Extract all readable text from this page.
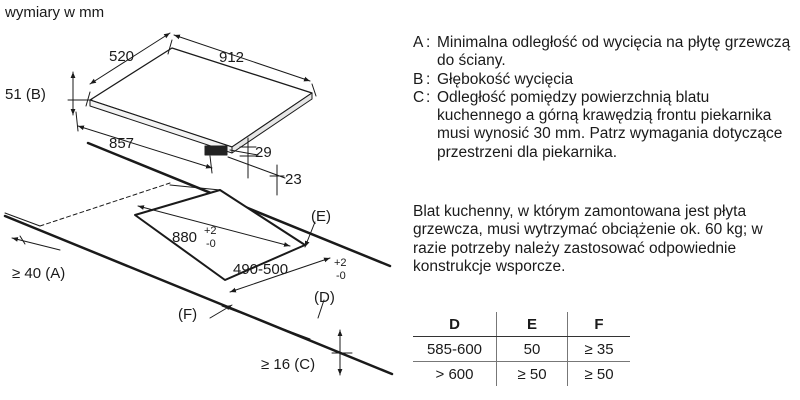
wymiary w mm
520	912
51 (B)
857
29
23
880 +2
-0
490-500	+2
-0
(E)
(D)
(F)
≥ 40 (A)
≥ 16 (C)
A : Minimalna odległość od wycięcia na płytę grzewczą do ściany.
B : Głębokość wycięcia
C : Odległość pomiędzy powierzchnią blatu kuchennego a górną krawędzią frontu piekarnika musi wynosić 30 mm. Patrz wymagania dotyczące przestrzeni dla piekarnika.
Blat kuchenny, w którym zamontowana jest płyta grzewcza, musi wytrzymać obciążenie ok. 60 kg; w razie potrzeby należy zastosować odpowiednie konstrukcje wsporcze.
D	E	F
585-600	50	≥ 35
> 600	≥ 50	≥ 50
